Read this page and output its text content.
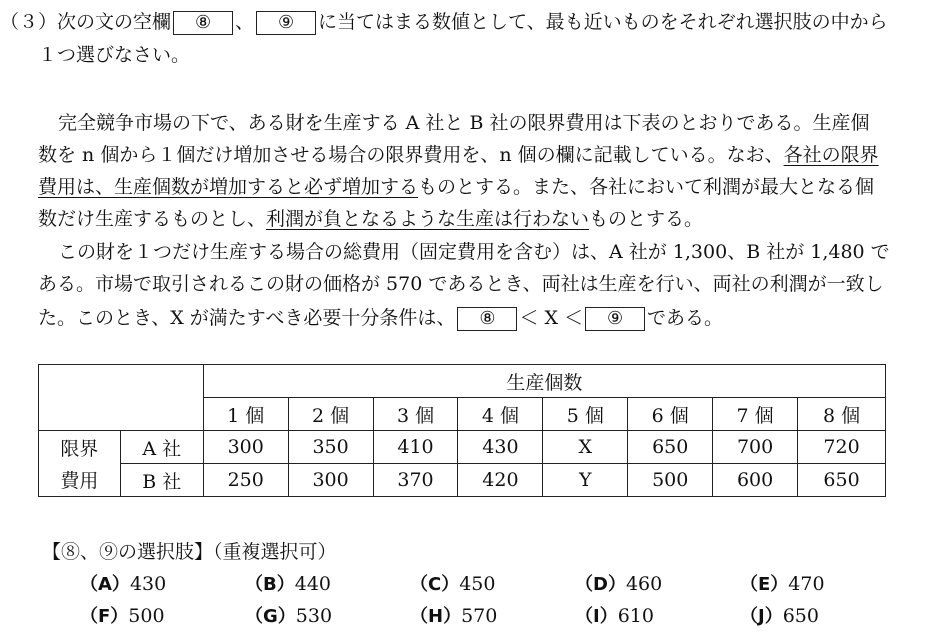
（３）次の文の空欄 ⑧ 、 ⑨ に当てはまる数値として、最も近いものをそれぞれ選択肢の中から
１つ選びなさい。
完全競争市場の下で、ある財を生産する A 社と B 社の限界費用は下表のとおりである。生産個
数を n 個から１個だけ増加させる場合の限界費用を、n 個の欄に記載している。なお、各社の限界
費用は、生産個数が増加すると必ず増加するものとする。また、各社において利潤が最大となる個
数だけ生産するものとし、利潤が負となるような生産は行わないものとする。
この財を１つだけ生産する場合の総費用（固定費用を含む）は、A 社が 1,300、B 社が 1,480 で
ある。市場で取引されるこの財の価格が 570 であるとき、両社は生産を行い、両社の利潤が一致し
た。このとき、X が満たすべき必要十分条件は、 ⑧ ＜ X ＜ ⑨ である。
		生産個数							
		1 個	2 個	3 個	4 個	5 個	6 個	7 個	8 個
限界	A 社	300	350	410	430	X	650	700	720
費用	B 社	250	300	370	420	Y	500	600	650
【⑧、⑨の選択肢】（重複選択可）
（A）430	（B）440	（C）450	（D）460	（E）470
（F）500	（G）530	（H）570	（I）610	（J）650
